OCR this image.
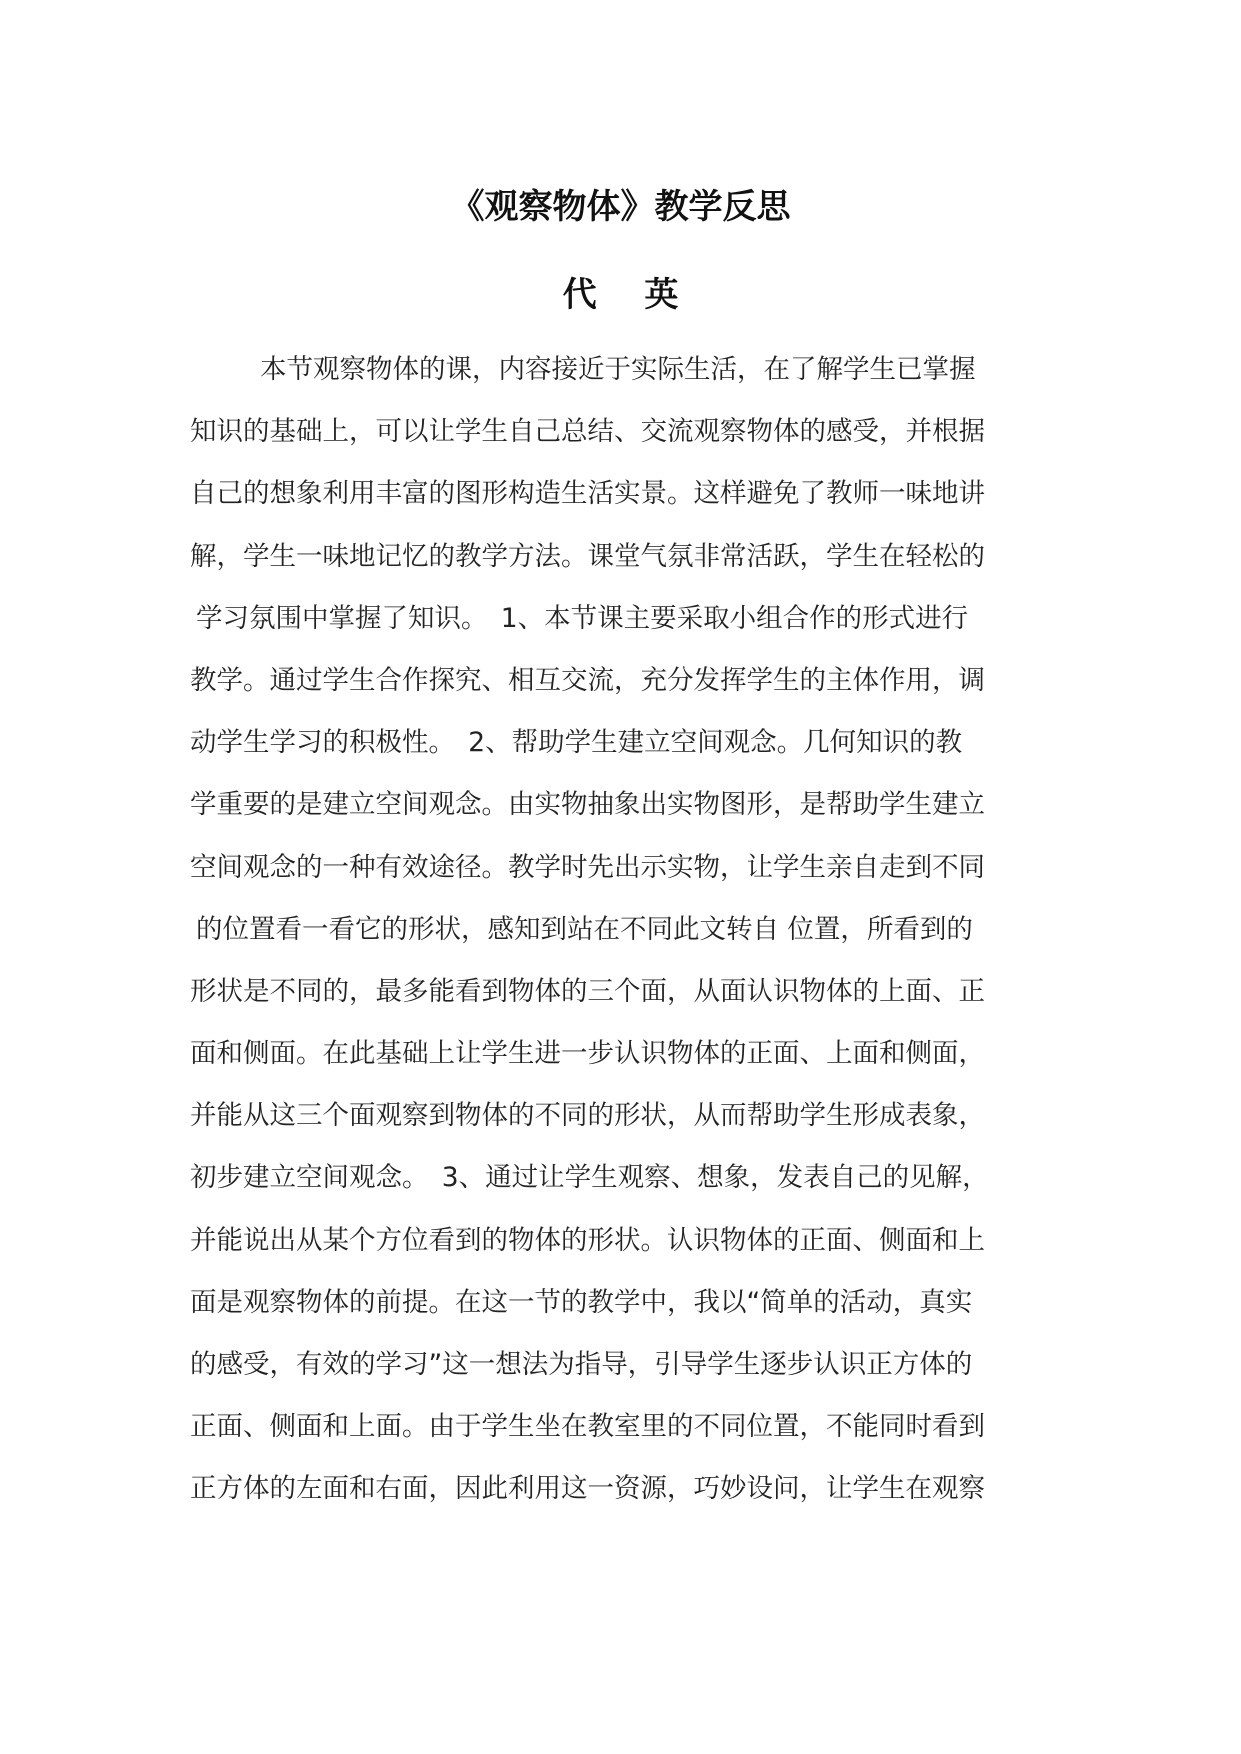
《观察物体》教学反思
代 英
本节观察物体的课，内容接近于实际生活，在了解学生已掌握
知识的基础上，可以让学生自己总结、交流观察物体的感受，并根据
自己的想象利用丰富的图形构造生活实景。这样避免了教师一味地讲
解，学生一味地记忆的教学方法。课堂气氛非常活跃，学生在轻松的
学习氛围中掌握了知识。　1、本节课主要采取小组合作的形式进行
教学。通过学生合作探究、相互交流，充分发挥学生的主体作用，调
动学生学习的积极性。　2、帮助学生建立空间观念。几何知识的教
学重要的是建立空间观念。由实物抽象出实物图形，是帮助学生建立
空间观念的一种有效途径。教学时先出示实物，让学生亲自走到不同
的位置看一看它的形状，感知到站在不同此文转自 位置，所看到的
形状是不同的，最多能看到物体的三个面，从面认识物体的上面、正
面和侧面。在此基础上让学生进一步认识物体的正面、上面和侧面，
并能从这三个面观察到物体的不同的形状，从而帮助学生形成表象，
初步建立空间观念。　3、通过让学生观察、想象，发表自己的见解，
并能说出从某个方位看到的物体的形状。认识物体的正面、侧面和上
面是观察物体的前提。在这一节的教学中，我以“简单的活动，真实
的感受，有效的学习”这一想法为指导，引导学生逐步认识正方体的
正面、侧面和上面。由于学生坐在教室里的不同位置，不能同时看到
正方体的左面和右面，因此利用这一资源，巧妙设问，让学生在观察
